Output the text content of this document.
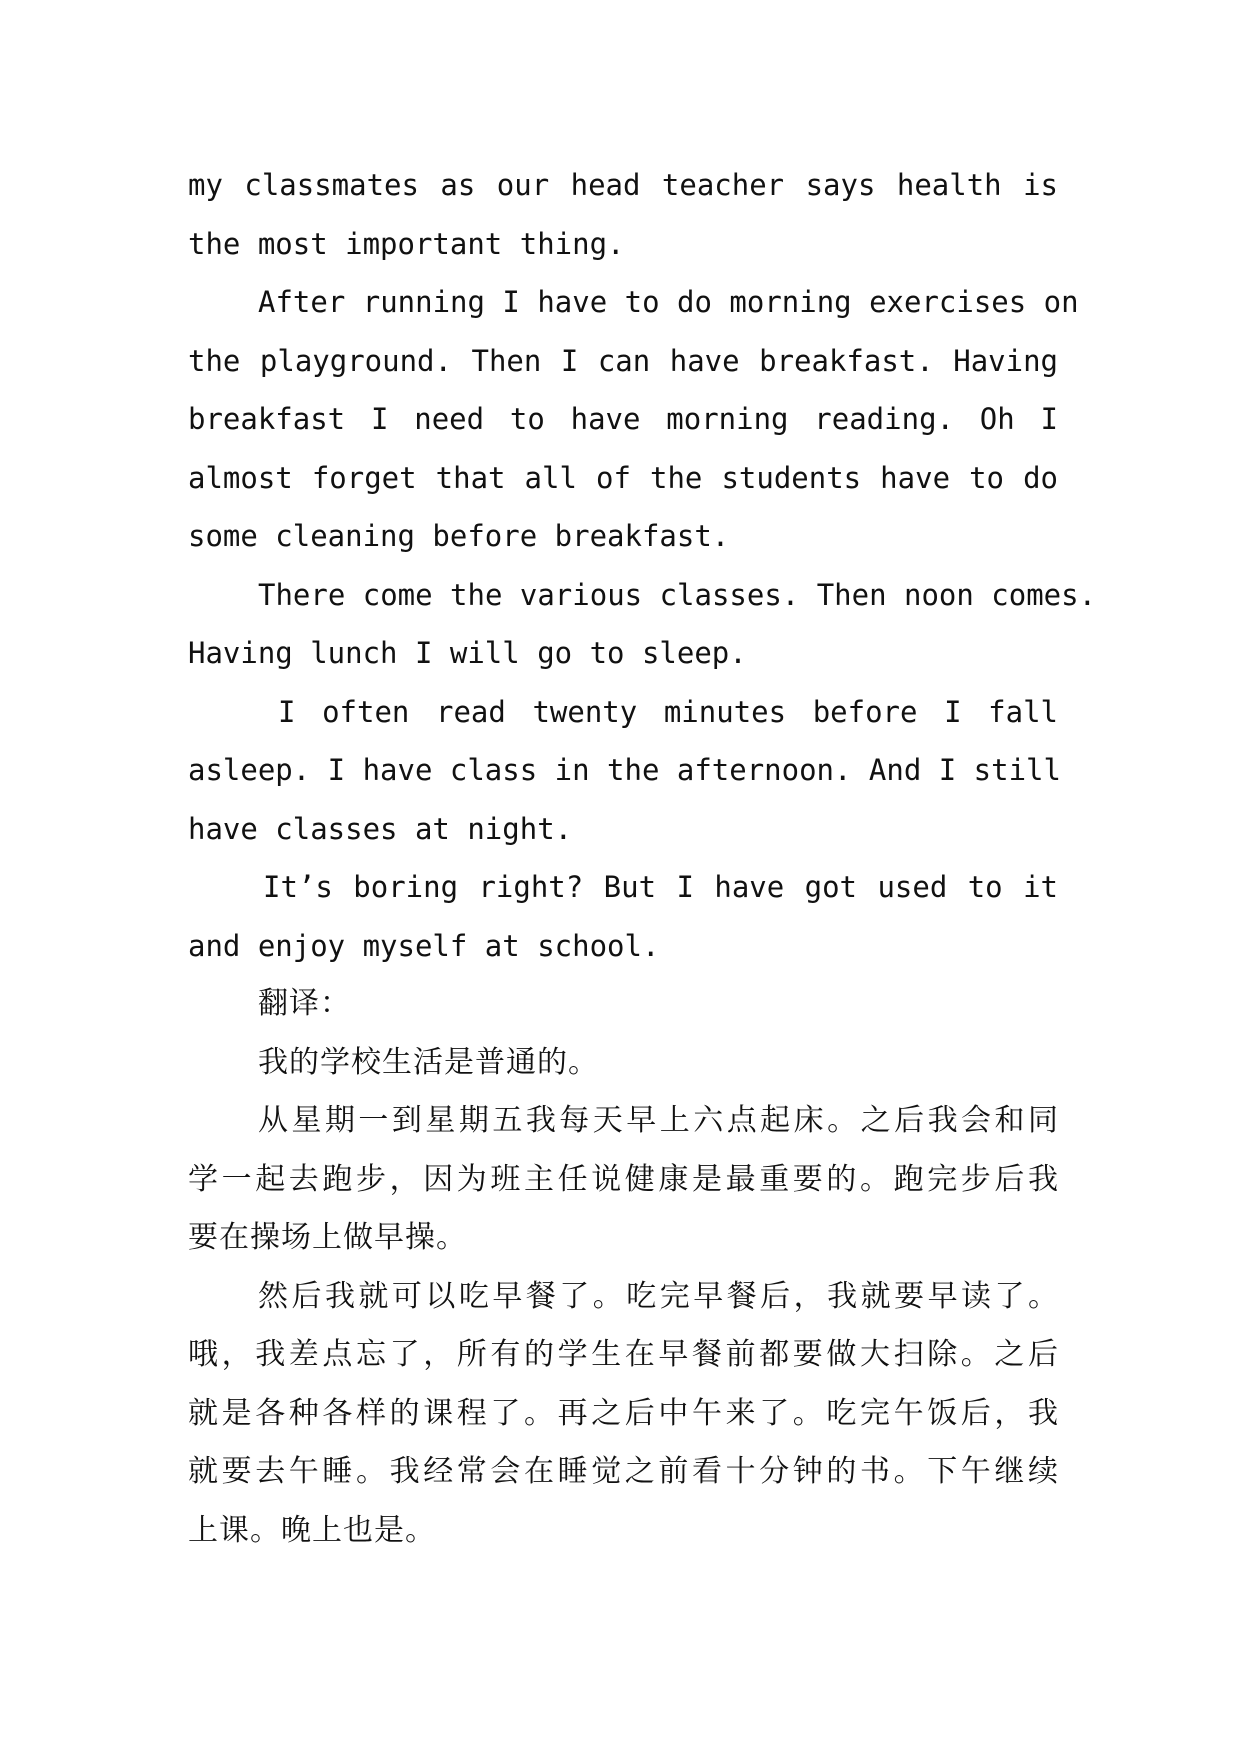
my classmates as our head teacher says health is
the most important thing.
After running I have to do morning exercises on
the playground. Then I can have breakfast. Having
breakfast I need to have morning reading. Oh I
almost forget that all of the students have to do
some cleaning before breakfast.
There come the various classes. Then noon comes.
Having lunch I will go to sleep.
I often read twenty minutes before I fall
asleep. I have class in the afternoon. And I still
have classes at night.
It’s boring right? But I have got used to it
and enjoy myself at school.
翻译：
我的学校生活是普通的。
从星期一到星期五我每天早上六点起床。之后我会和同
学一起去跑步，因为班主任说健康是最重要的。跑完步后我
要在操场上做早操。
然后我就可以吃早餐了。吃完早餐后，我就要早读了。
哦，我差点忘了，所有的学生在早餐前都要做大扫除。之后
就是各种各样的课程了。再之后中午来了。吃完午饭后，我
就要去午睡。我经常会在睡觉之前看十分钟的书。下午继续
上课。晚上也是。
